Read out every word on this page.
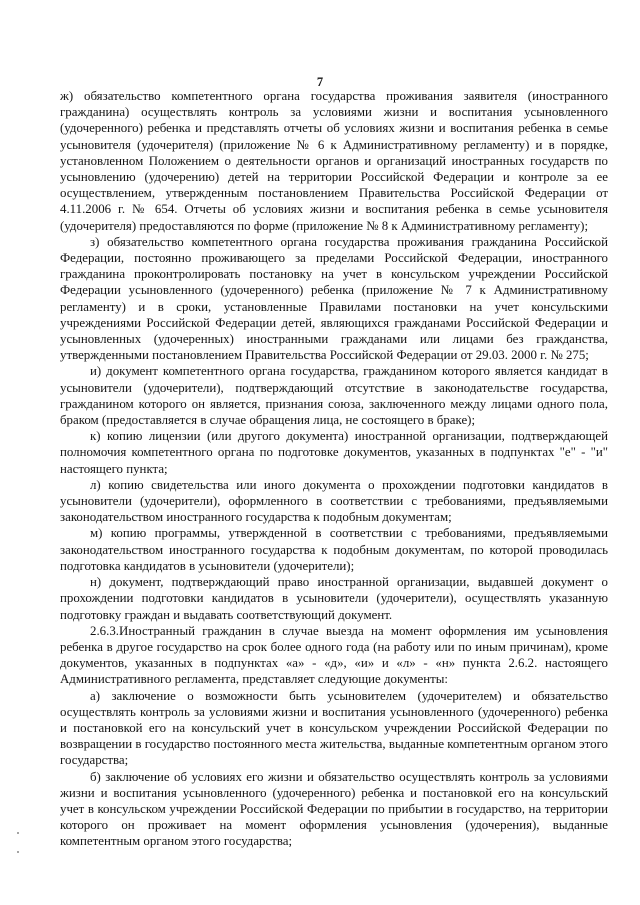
7

ж) обязательство компетентного органа государства проживания заявителя (иностранного гражданина) осуществлять контроль за условиями жизни и воспитания усыновленного (удочеренного) ребенка и представлять отчеты об условиях жизни и воспитания ребенка в семье усыновителя (удочерителя) (приложение № 6 к Административному регламенту) и в порядке, установленном Положением о деятельности органов и организаций иностранных государств по усыновлению (удочерению) детей на территории Российской Федерации и контроле за ее осуществлением, утвержденным постановлением Правительства Российской Федерации от 4.11.2006 г. № 654. Отчеты об условиях жизни и воспитания ребенка в семье усыновителя (удочерителя) предоставляются по форме (приложение № 8 к Административному регламенту);

з) обязательство компетентного органа государства проживания гражданина Российской Федерации, постоянно проживающего за пределами Российской Федерации, иностранного гражданина проконтролировать постановку на учет в консульском учреждении Российской Федерации усыновленного (удочеренного) ребенка (приложение № 7 к Административному регламенту) и в сроки, установленные Правилами постановки на учет консульскими учреждениями Российской Федерации детей, являющихся гражданами Российской Федерации и усыновленных (удочеренных) иностранными гражданами или лицами без гражданства, утвержденными постановлением Правительства Российской Федерации от 29.03. 2000 г. № 275;

и) документ компетентного органа государства, гражданином которого является кандидат в усыновители (удочерители), подтверждающий отсутствие в законодательстве государства, гражданином которого он является, признания союза, заключенного между лицами одного пола, браком (предоставляется в случае обращения лица, не состоящего в браке);

к) копию лицензии (или другого документа) иностранной организации, подтверждающей полномочия компетентного органа по подготовке документов, указанных в подпунктах "е" - "и" настоящего пункта;

л) копию свидетельства или иного документа о прохождении подготовки кандидатов в усыновители (удочерители), оформленного в соответствии с требованиями, предъявляемыми законодательством иностранного государства к подобным документам;

м) копию программы, утвержденной в соответствии с требованиями, предъявляемыми законодательством иностранного государства к подобным документам, по которой проводилась подготовка кандидатов в усыновители (удочерители);

н) документ, подтверждающий право иностранной организации, выдавшей документ о прохождении подготовки кандидатов в усыновители (удочерители), осуществлять указанную подготовку граждан и выдавать соответствующий документ.

2.6.3.Иностранный гражданин в случае выезда на момент оформления им усыновления ребенка в другое государство на срок более одного года (на работу или по иным причинам), кроме документов, указанных в подпунктах «а» - «д», «и» и «л» - «н» пункта 2.6.2. настоящего Административного регламента, представляет следующие документы:

а) заключение о возможности быть усыновителем (удочерителем) и обязательство осуществлять контроль за условиями жизни и воспитания усыновленного (удочеренного) ребенка и постановкой его на консульский учет в консульском учреждении Российской Федерации по возвращении в государство постоянного места жительства, выданные компетентным органом этого государства;

б) заключение об условиях его жизни и обязательство осуществлять контроль за условиями жизни и воспитания усыновленного (удочеренного) ребенка и постановкой его на консульский учет в консульском учреждении Российской Федерации по прибытии в государство, на территории которого он проживает на момент оформления усыновления (удочерения), выданные компетентным органом этого государства;
